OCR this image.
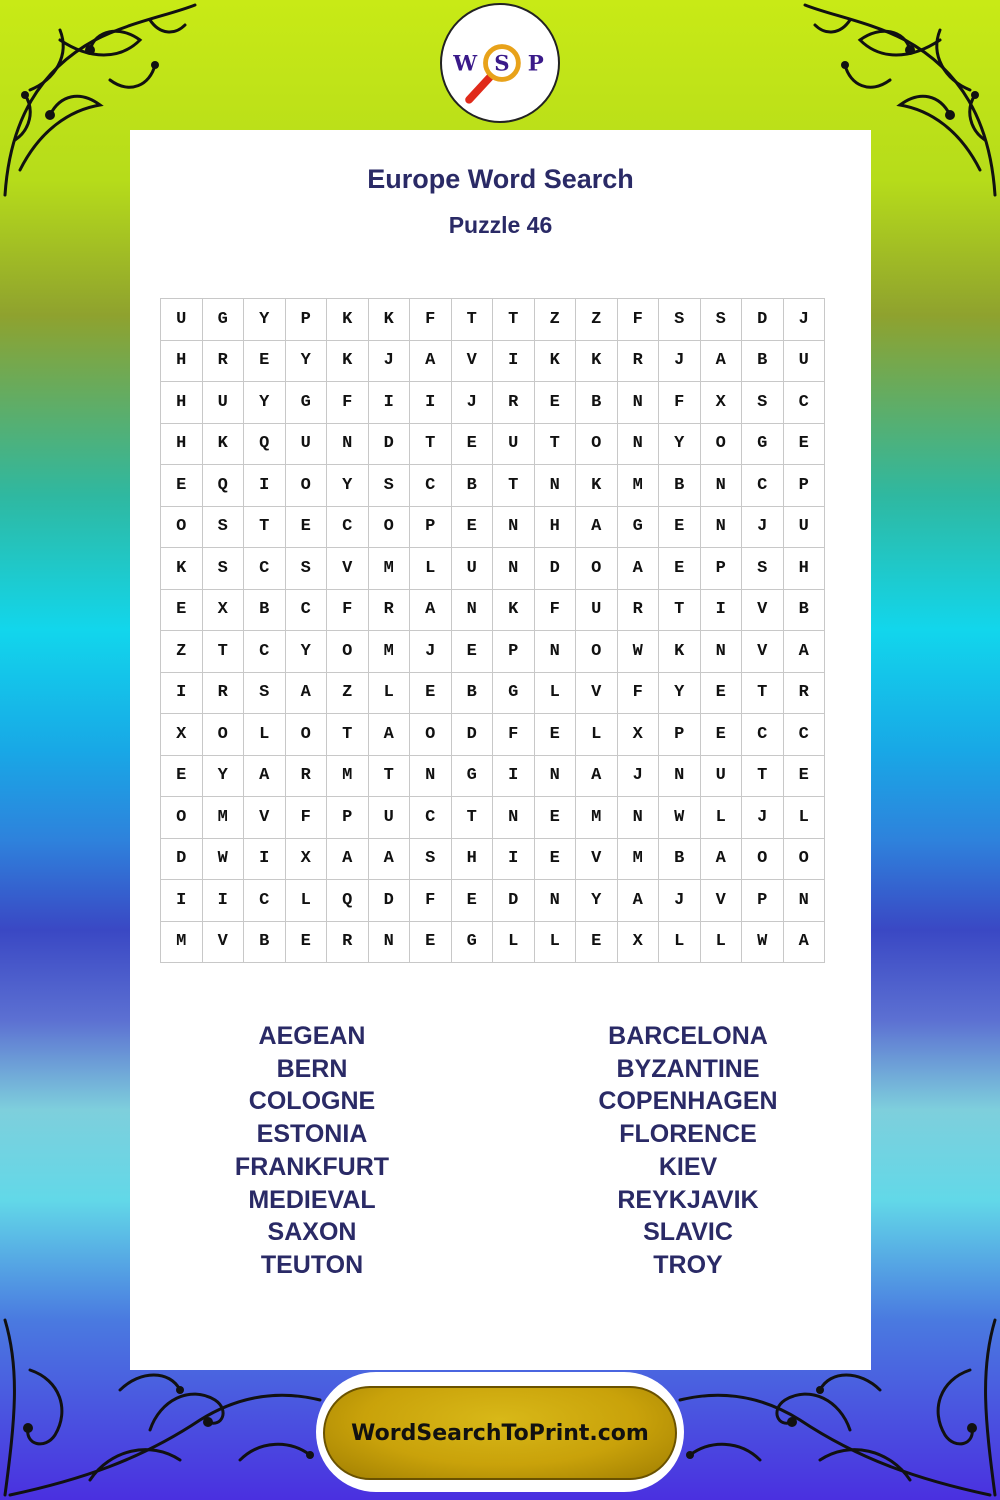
W S P
Europe Word Search
Puzzle 46
U	G	Y	P	K	K	F	T	T	Z	Z	F	S	S	D	J
H	R	E	Y	K	J	A	V	I	K	K	R	J	A	B	U
H	U	Y	G	F	I	I	J	R	E	B	N	F	X	S	C
H	K	Q	U	N	D	T	E	U	T	O	N	Y	O	G	E
E	Q	I	O	Y	S	C	B	T	N	K	M	B	N	C	P
O	S	T	E	C	O	P	E	N	H	A	G	E	N	J	U
K	S	C	S	V	M	L	U	N	D	O	A	E	P	S	H
E	X	B	C	F	R	A	N	K	F	U	R	T	I	V	B
Z	T	C	Y	O	M	J	E	P	N	O	W	K	N	V	A
I	R	S	A	Z	L	E	B	G	L	V	F	Y	E	T	R
X	O	L	O	T	A	O	D	F	E	L	X	P	E	C	C
E	Y	A	R	M	T	N	G	I	N	A	J	N	U	T	E
O	M	V	F	P	U	C	T	N	E	M	N	W	L	J	L
D	W	I	X	A	A	S	H	I	E	V	M	B	A	O	O
I	I	C	L	Q	D	F	E	D	N	Y	A	J	V	P	N
M	V	B	E	R	N	E	G	L	L	E	X	L	L	W	A
AEGEAN
BERN
COLOGNE
ESTONIA
FRANKFURT
MEDIEVAL
SAXON
TEUTON
BARCELONA
BYZANTINE
COPENHAGEN
FLORENCE
KIEV
REYKJAVIK
SLAVIC
TROY
WordSearchToPrint.com
